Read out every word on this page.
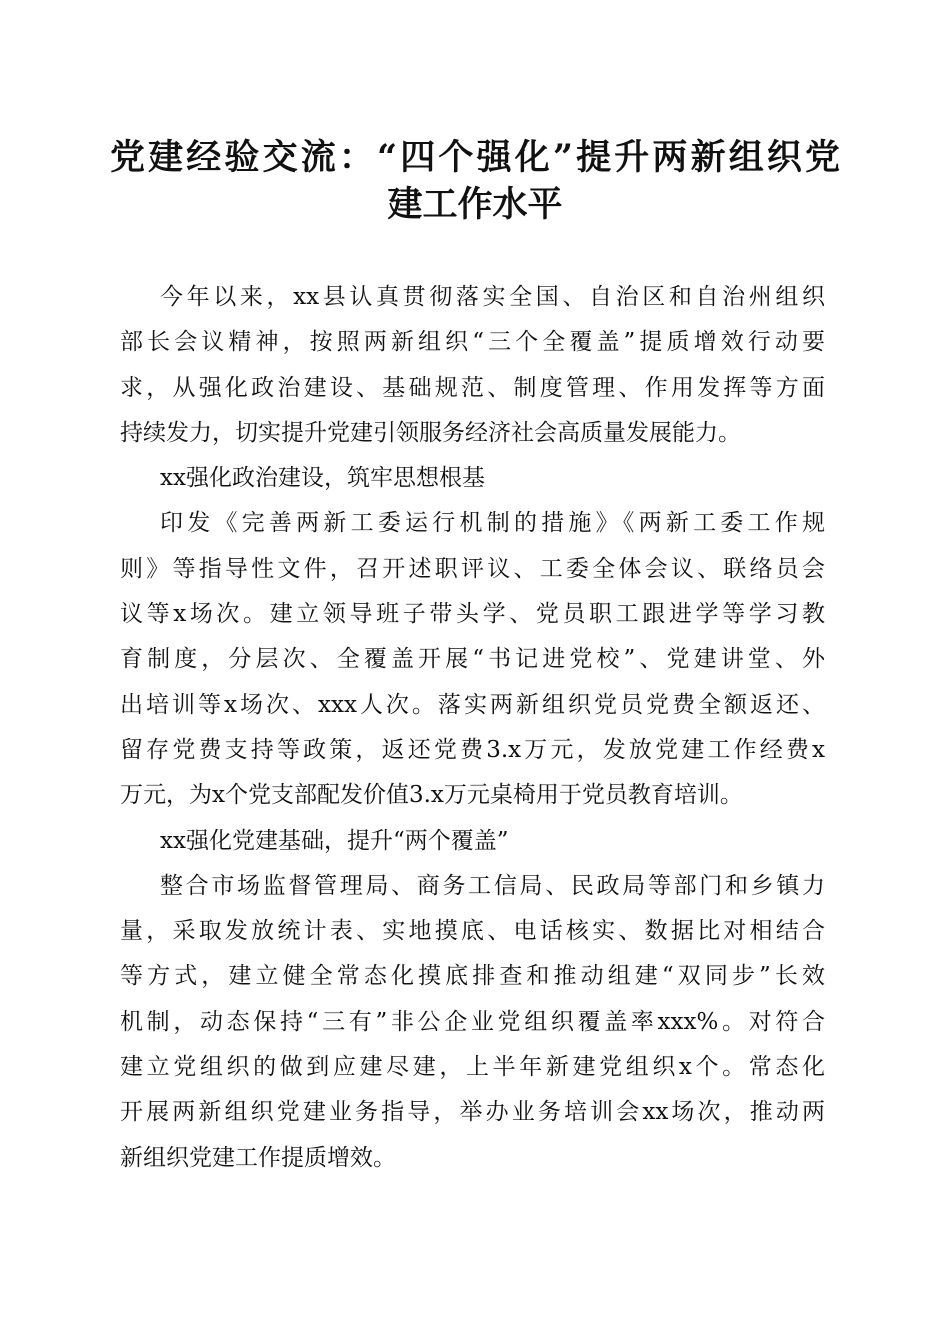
党建经验交流：“四个强化”提升两新组织党
建工作水平
今年以来，xx县认真贯彻落实全国、自治区和自治州组织
部长会议精神，按照两新组织“三个全覆盖”提质增效行动要
求，从强化政治建设、基础规范、制度管理、作用发挥等方面
持续发力，切实提升党建引领服务经济社会高质量发展能力。
xx强化政治建设，筑牢思想根基
印发《完善两新工委运行机制的措施》《两新工委工作规
则》等指导性文件，召开述职评议、工委全体会议、联络员会
议等x场次。建立领导班子带头学、党员职工跟进学等学习教
育制度，分层次、全覆盖开展“书记进党校”、党建讲堂、外
出培训等x场次、xxx人次。落实两新组织党员党费全额返还、
留存党费支持等政策，返还党费3.x万元，发放党建工作经费x
万元，为x个党支部配发价值3.x万元桌椅用于党员教育培训。
xx强化党建基础，提升“两个覆盖”
整合市场监督管理局、商务工信局、民政局等部门和乡镇力
量，采取发放统计表、实地摸底、电话核实、数据比对相结合
等方式，建立健全常态化摸底排查和推动组建“双同步”长效
机制，动态保持“三有”非公企业党组织覆盖率xxx%。对符合
建立党组织的做到应建尽建，上半年新建党组织x个。常态化
开展两新组织党建业务指导，举办业务培训会xx场次，推动两
新组织党建工作提质增效。
